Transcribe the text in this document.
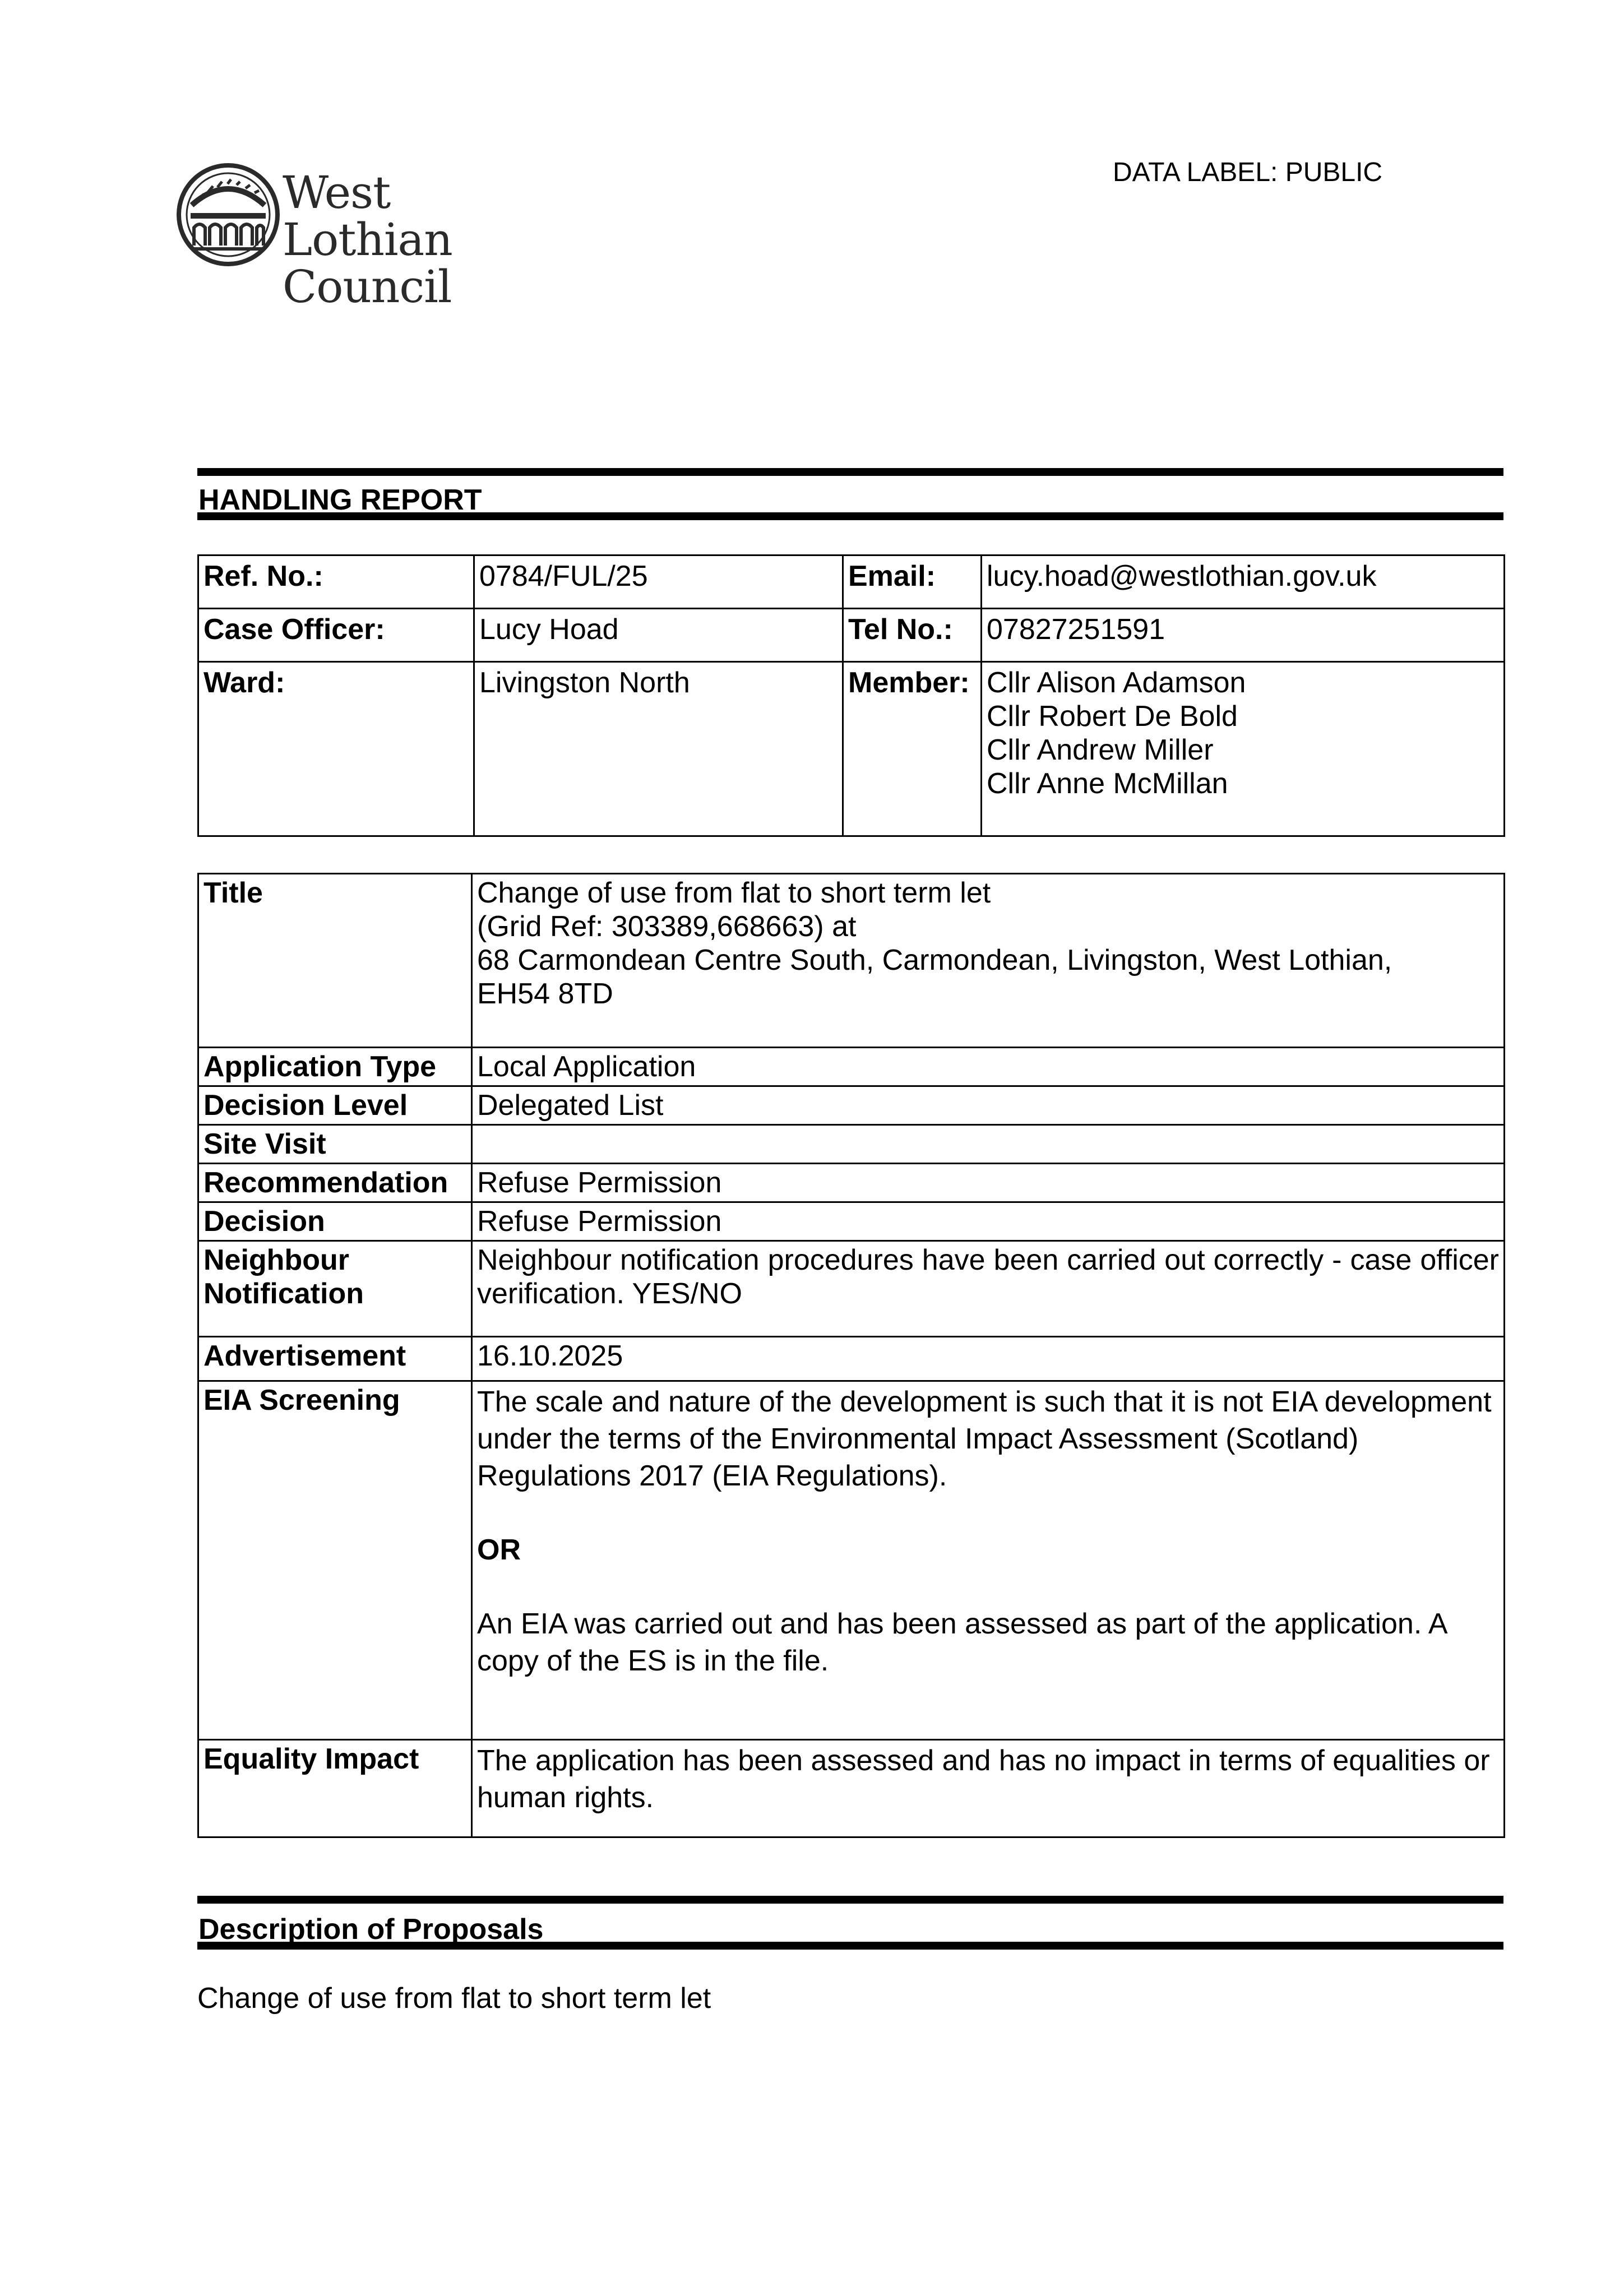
West Lothian
Council
DATA LABEL: PUBLIC
HANDLING REPORT
Ref. No.:	0784/FUL/25	Email:	lucy.hoad@westlothian.gov.uk
Case Officer:	Lucy Hoad	Tel No.:	07827251591
Ward:	Livingston North	Member:	Cllr Alison Adamson
Cllr Robert De Bold
Cllr Andrew Miller
Cllr Anne McMillan
Title	Change of use from flat to short term let
(Grid Ref: 303389,668663) at
68 Carmondean Centre South, Carmondean, Livingston, West Lothian,
EH54 8TD

Application Type	Local Application
Decision Level	Delegated List
Site Visit	
Recommendation	Refuse Permission
Decision	Refuse Permission

Neighbour
Notification	Neighbour notification procedures have been carried out correctly - case officer verification. YES/NO
Advertisement	16.10.2025
EIA Screening	The scale and nature of the development is such that it is not EIA development under the terms of the Environmental Impact Assessment (Scotland) Regulations 2017 (EIA Regulations).

OR

An EIA was carried out and has been assessed as part of the application. A copy of the ES is in the file.

Equality Impact	The application has been assessed and has no impact in terms of equalities or human rights.

Description of Proposals
Change of use from flat to short term let
